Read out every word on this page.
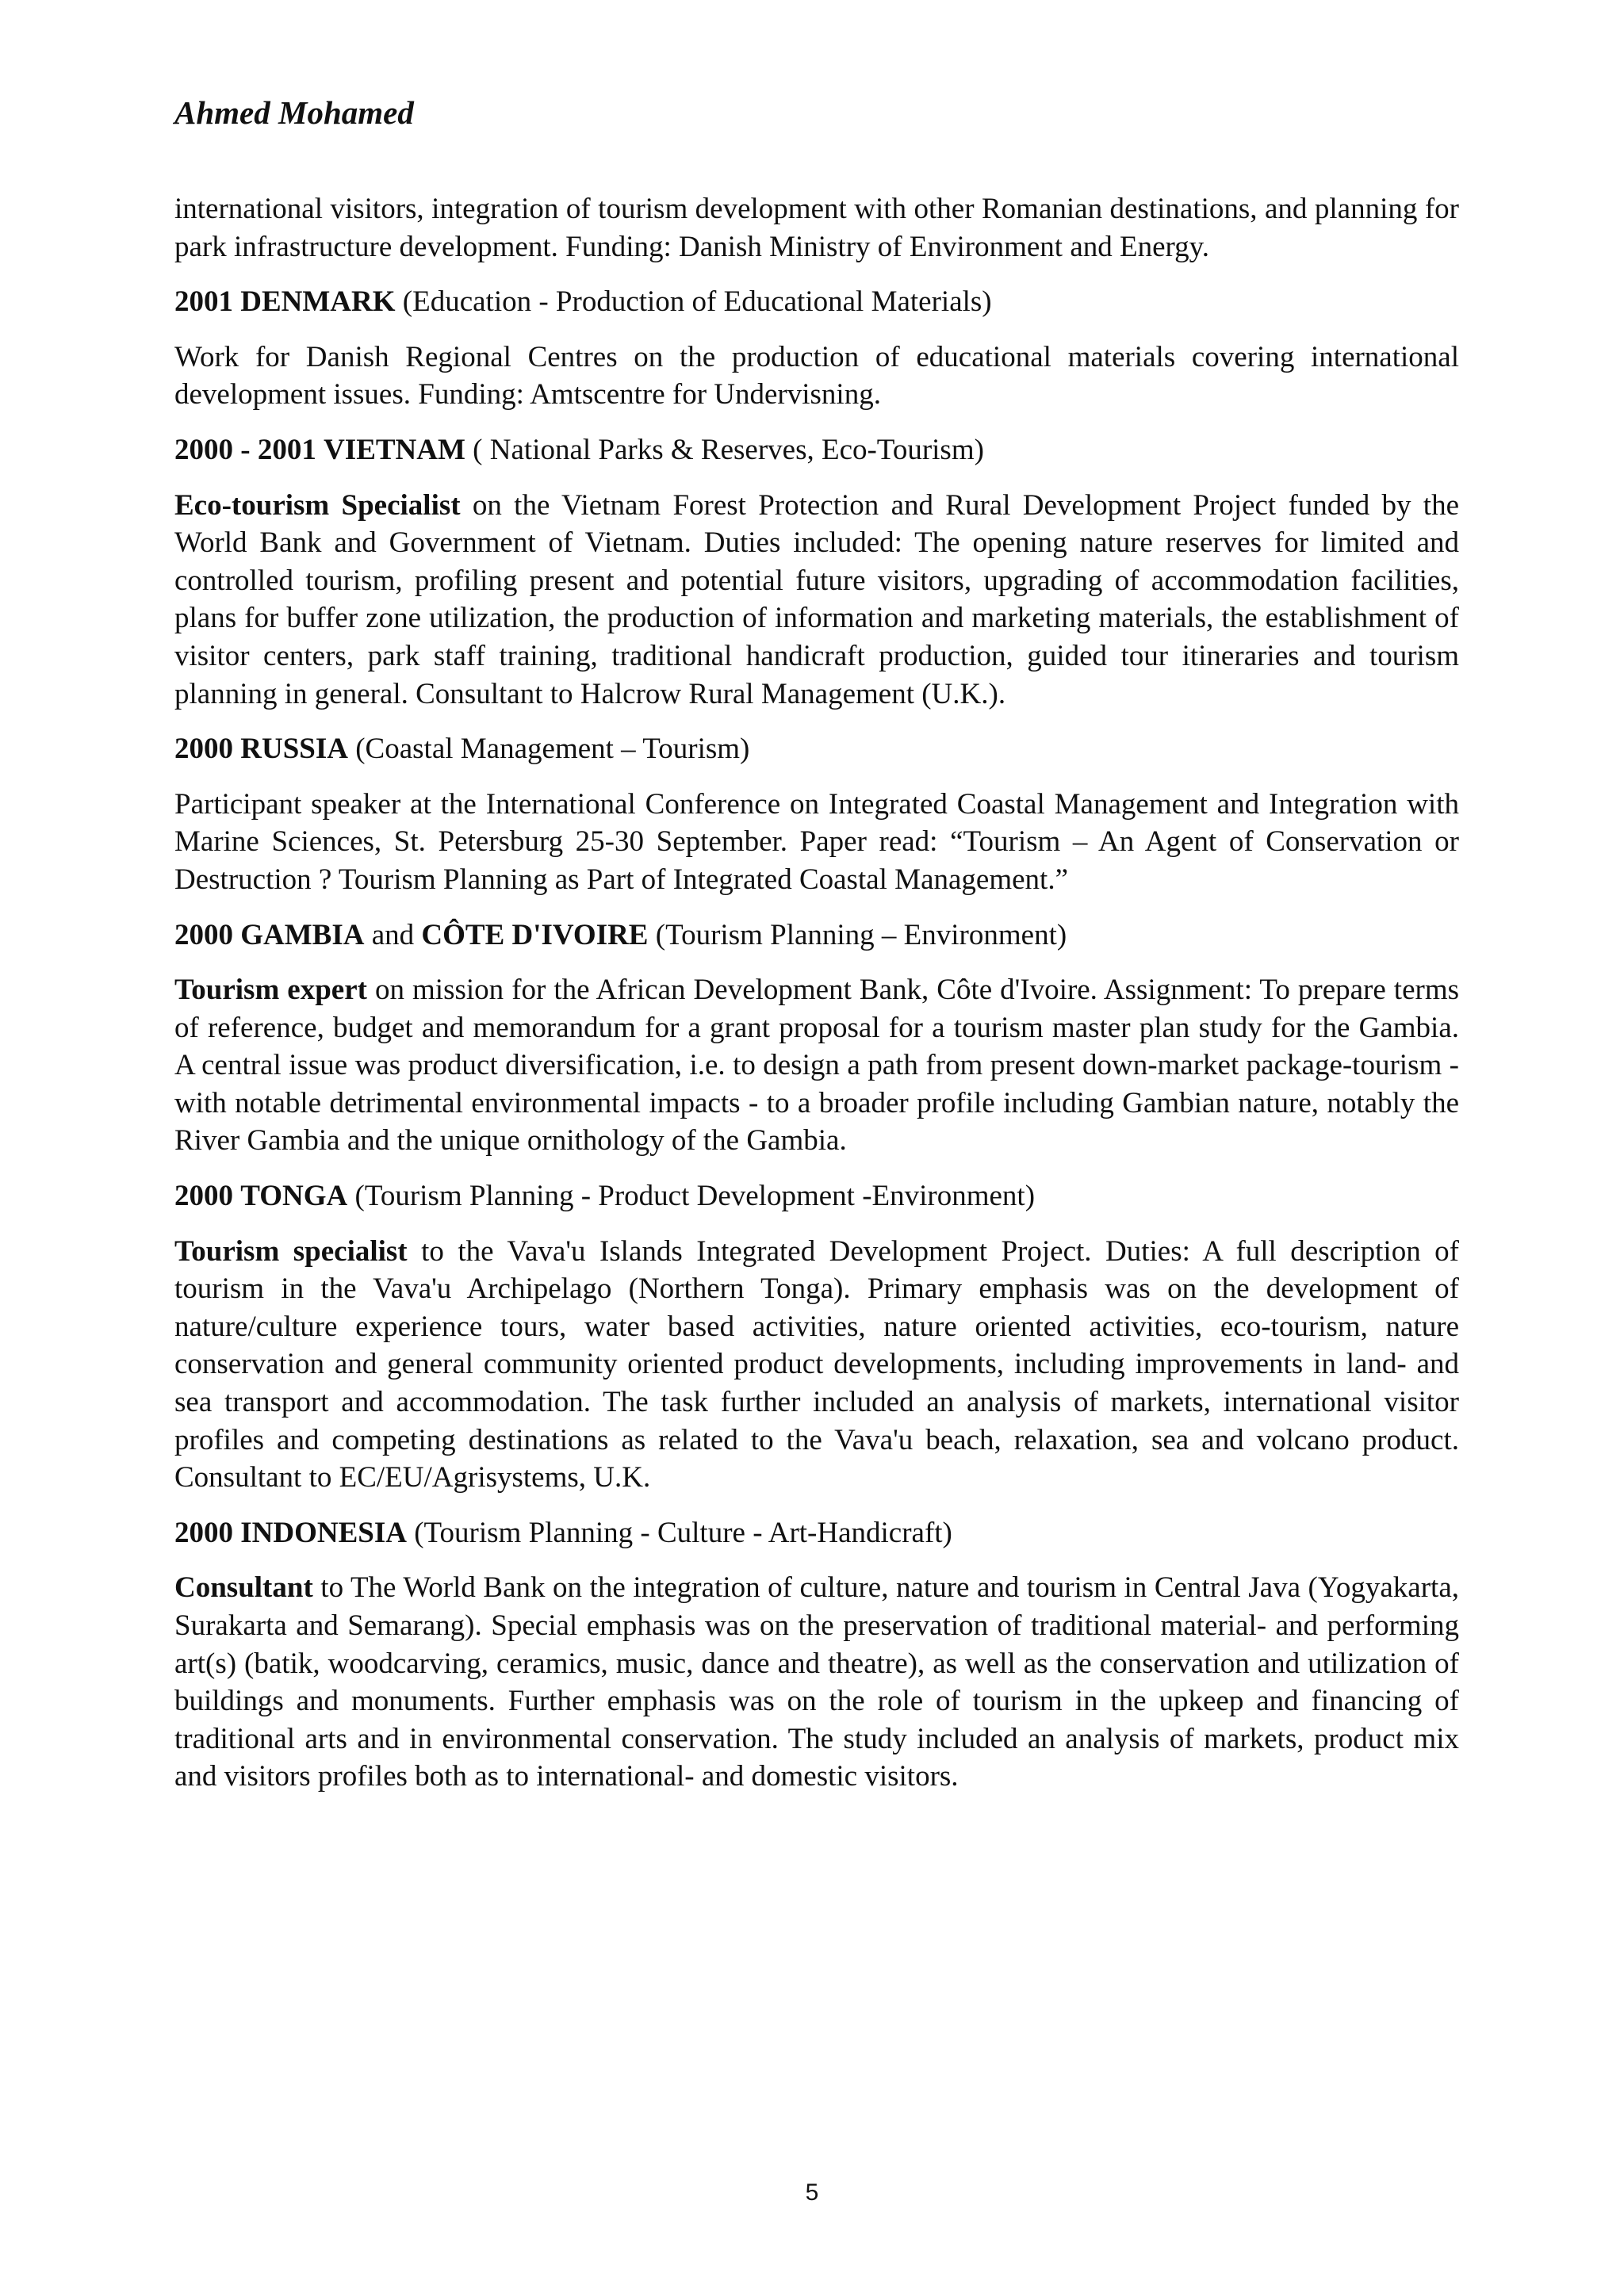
Ahmed Mohamed

international visitors, integration of tourism development with other Romanian destinations, and planning for park infrastructure development. Funding: Danish Ministry of Environment and Energy.

2001 DENMARK (Education - Production of Educational Materials)

Work for Danish Regional Centres on the production of educational materials covering international development issues. Funding: Amtscentre for Undervisning.

2000 - 2001 VIETNAM ( National Parks & Reserves, Eco-Tourism)

Eco-tourism Specialist on the Vietnam Forest Protection and Rural Development Project funded by the World Bank and Government of Vietnam. Duties included: The opening nature reserves for limited and controlled tourism, profiling present and potential future visitors, upgrading of accommodation facilities, plans for buffer zone utilization, the production of information and marketing materials, the establishment of visitor centers, park staff training, traditional handicraft production, guided tour itineraries and tourism planning in general. Consultant to Halcrow Rural Management (U.K.).

2000 RUSSIA (Coastal Management – Tourism)

Participant speaker at the International Conference on Integrated Coastal Management and Integration with Marine Sciences, St. Petersburg 25-30 September. Paper read: “Tourism – An Agent of Conservation or Destruction ? Tourism Planning as Part of Integrated Coastal Management.”

2000 GAMBIA and CÔTE D'IVOIRE (Tourism Planning – Environment)

Tourism expert on mission for the African Development Bank, Côte d'Ivoire. Assignment: To prepare terms of reference, budget and memorandum for a grant proposal for a tourism master plan study for the Gambia. A central issue was product diversification, i.e. to design a path from present down-market package-tourism - with notable detrimental environmental impacts - to a broader profile including Gambian nature, notably the River Gambia and the unique ornithology of the Gambia.

2000 TONGA (Tourism Planning - Product Development -Environment)

Tourism specialist to the Vava'u Islands Integrated Development Project. Duties: A full description of tourism in the Vava'u Archipelago (Northern Tonga). Primary emphasis was on the development of nature/culture experience tours, water based activities, nature oriented activities, eco-tourism, nature conservation and general community oriented product developments, including improvements in land- and sea transport and accommodation. The task further included an analysis of markets, international visitor profiles and competing destinations as related to the Vava'u beach, relaxation, sea and volcano product. Consultant to EC/EU/Agrisystems, U.K.

2000 INDONESIA (Tourism Planning - Culture - Art-Handicraft)

Consultant to The World Bank on the integration of culture, nature and tourism in Central Java (Yogyakarta, Surakarta and Semarang). Special emphasis was on the preservation of traditional material- and performing art(s) (batik, woodcarving, ceramics, music, dance and theatre), as well as the conservation and utilization of buildings and monuments. Further emphasis was on the role of tourism in the upkeep and financing of traditional arts and in environmental conservation. The study included an analysis of markets, product mix and visitors profiles both as to international- and domestic visitors.

5
